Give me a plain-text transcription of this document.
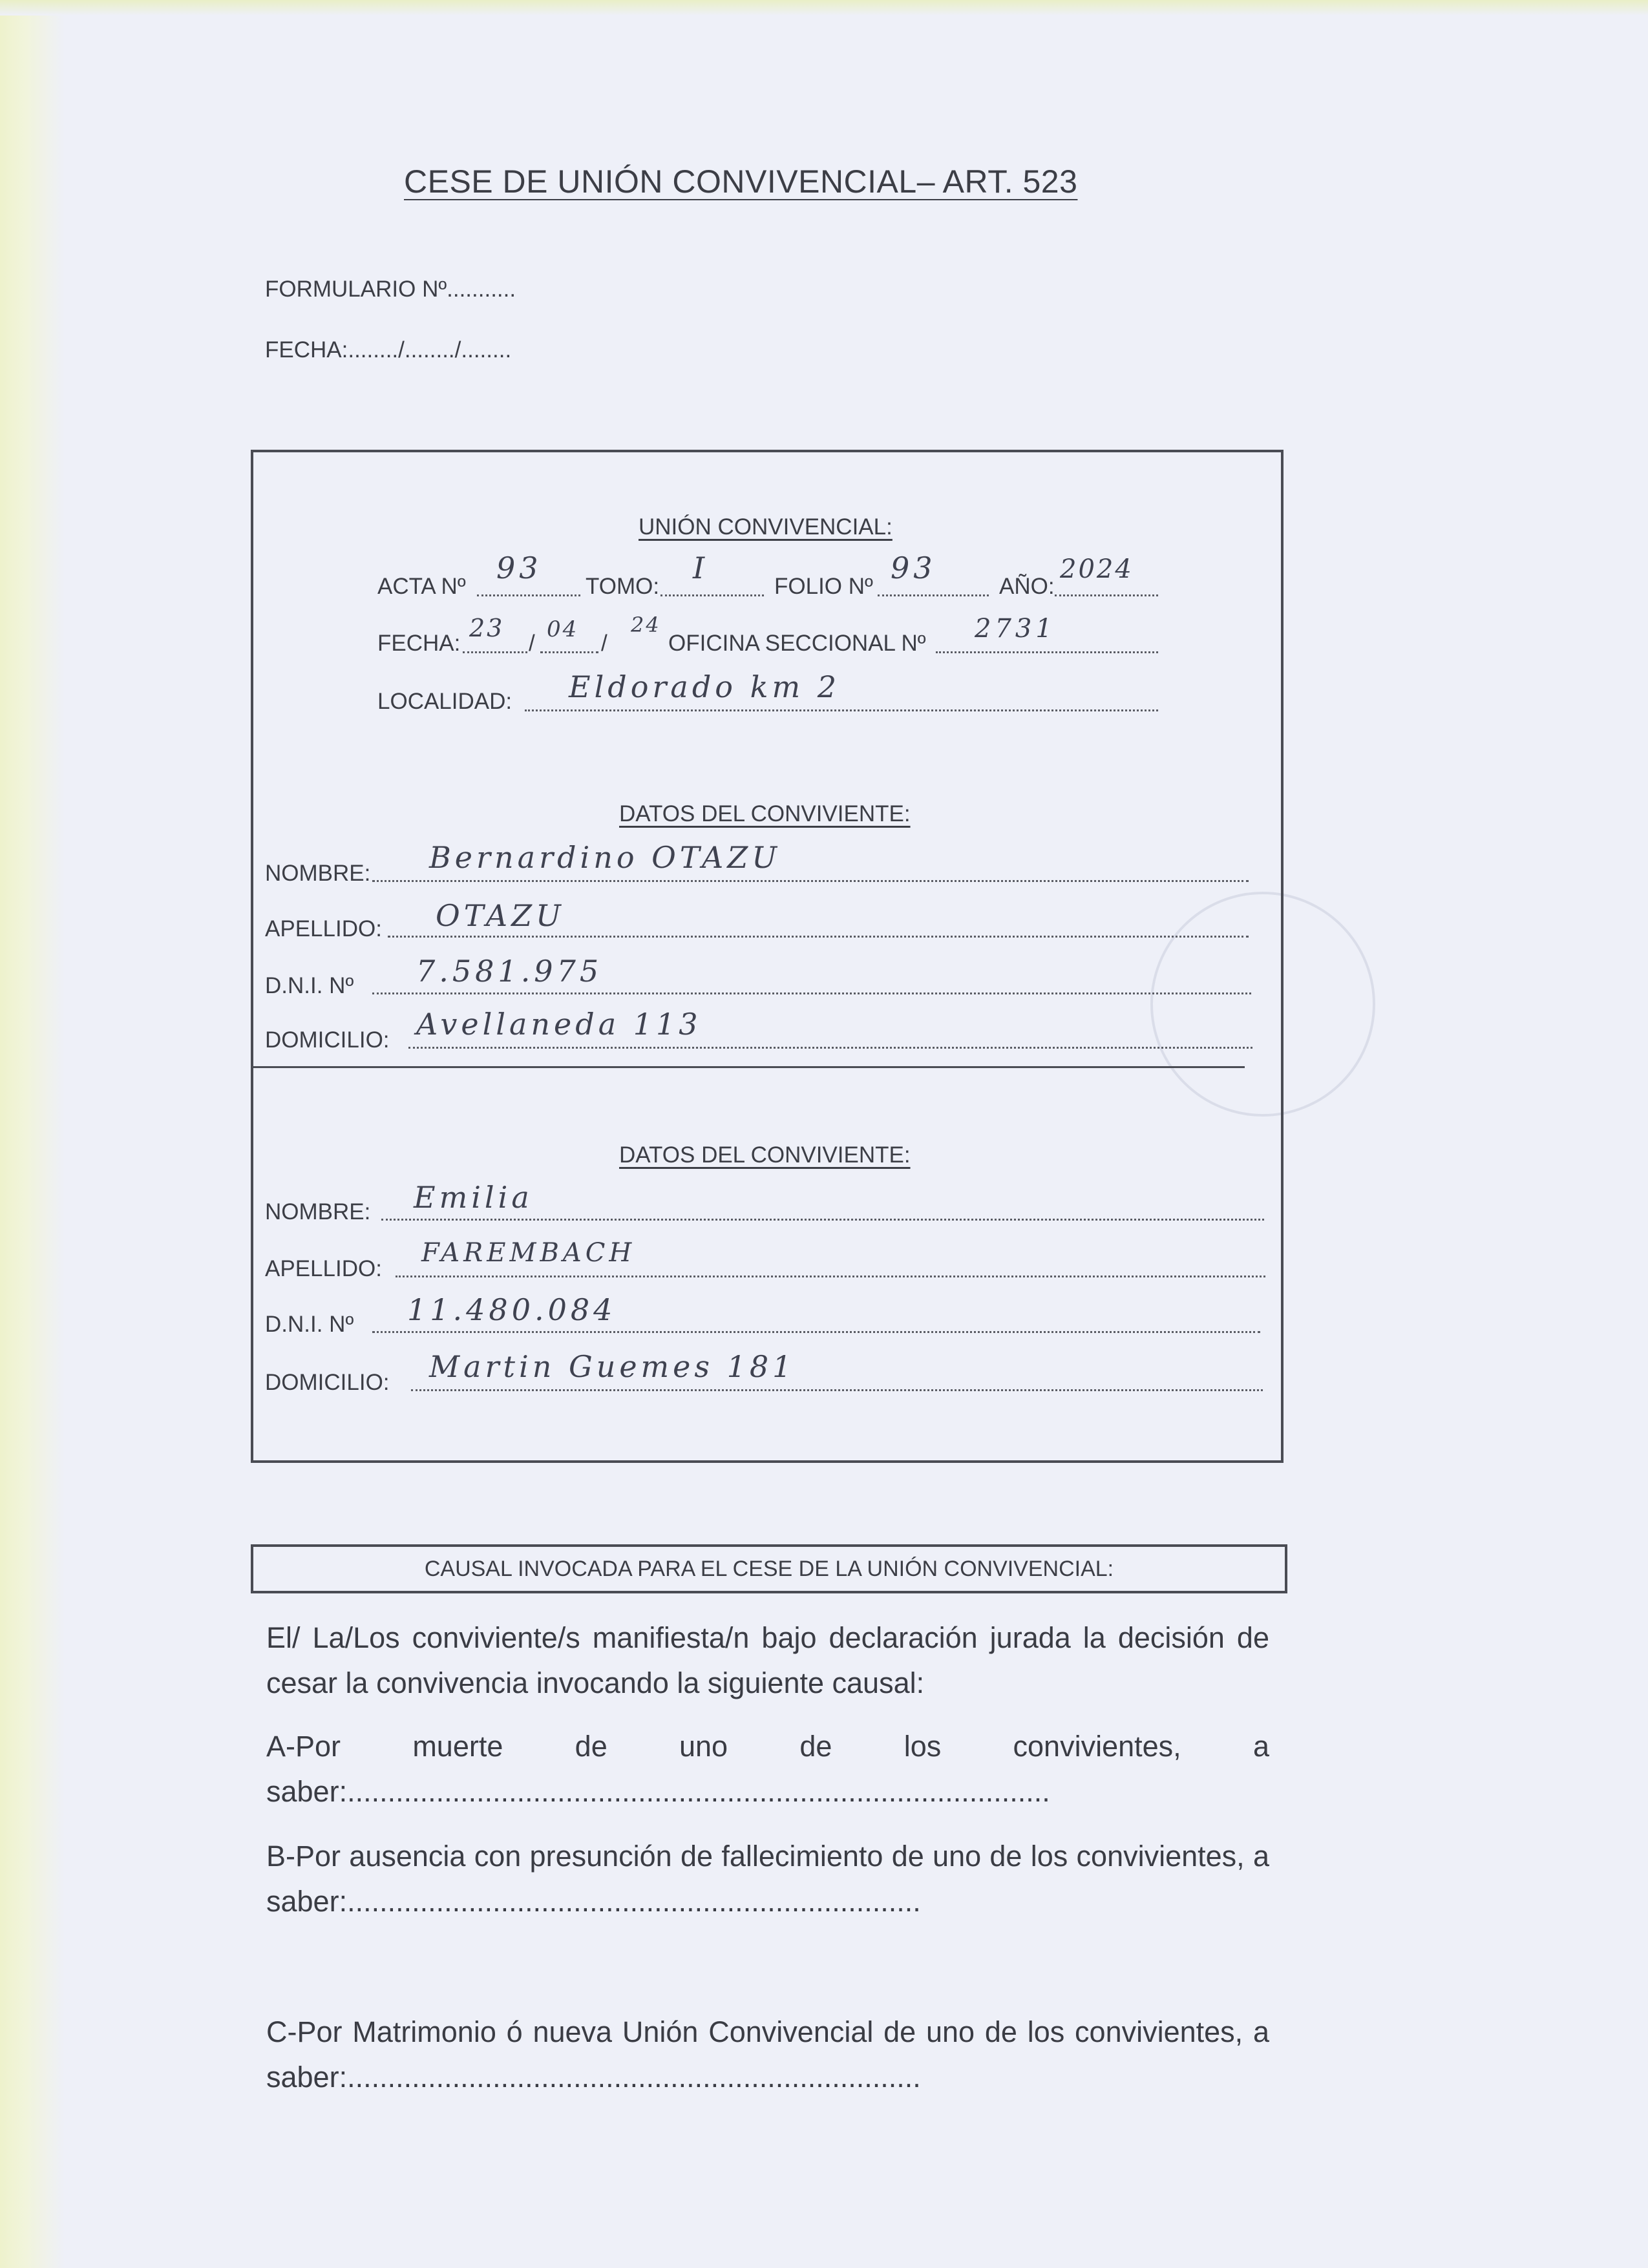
CESE DE UNIÓN CONVIVENCIAL– ART. 523
FORMULARIO Nº...........
FECHA:......../......../........
UNIÓN CONVIVENCIAL:
ACTA Nº
93
TOMO:
I
FOLIO Nº
93
AÑO:
2024
FECHA:
23
/
04
/
24
OFICINA SECCIONAL Nº 2731
LOCALIDAD: Eldorado km 2
DATOS DEL CONVIVIENTE:
NOMBRE: Bernardino OTAZU
APELLIDO: OTAZU
D.N.I. Nº 7.581.975
DOMICILIO: Avellaneda 113
DATOS DEL CONVIVIENTE:
NOMBRE: Emilia
APELLIDO:
FAREMBACH
D.N.I. Nº 11.480.084
DOMICILIO: Martin Guemes 181
CAUSAL INVOCADA PARA EL CESE DE LA UNIÓN CONVIVENCIAL:
El/ La/Los conviviente/s manifiesta/n bajo declaración jurada la decisión de cesar la convivencia invocando la siguiente causal:
A-Por muerte de uno de los convivientes, a saber:.......................................................................................
B-Por ausencia con presunción de fallecimiento de uno de los convivientes, a saber:.......................................................................
C-Por Matrimonio ó nueva Unión Convivencial de uno de los convivientes, a saber:.......................................................................
